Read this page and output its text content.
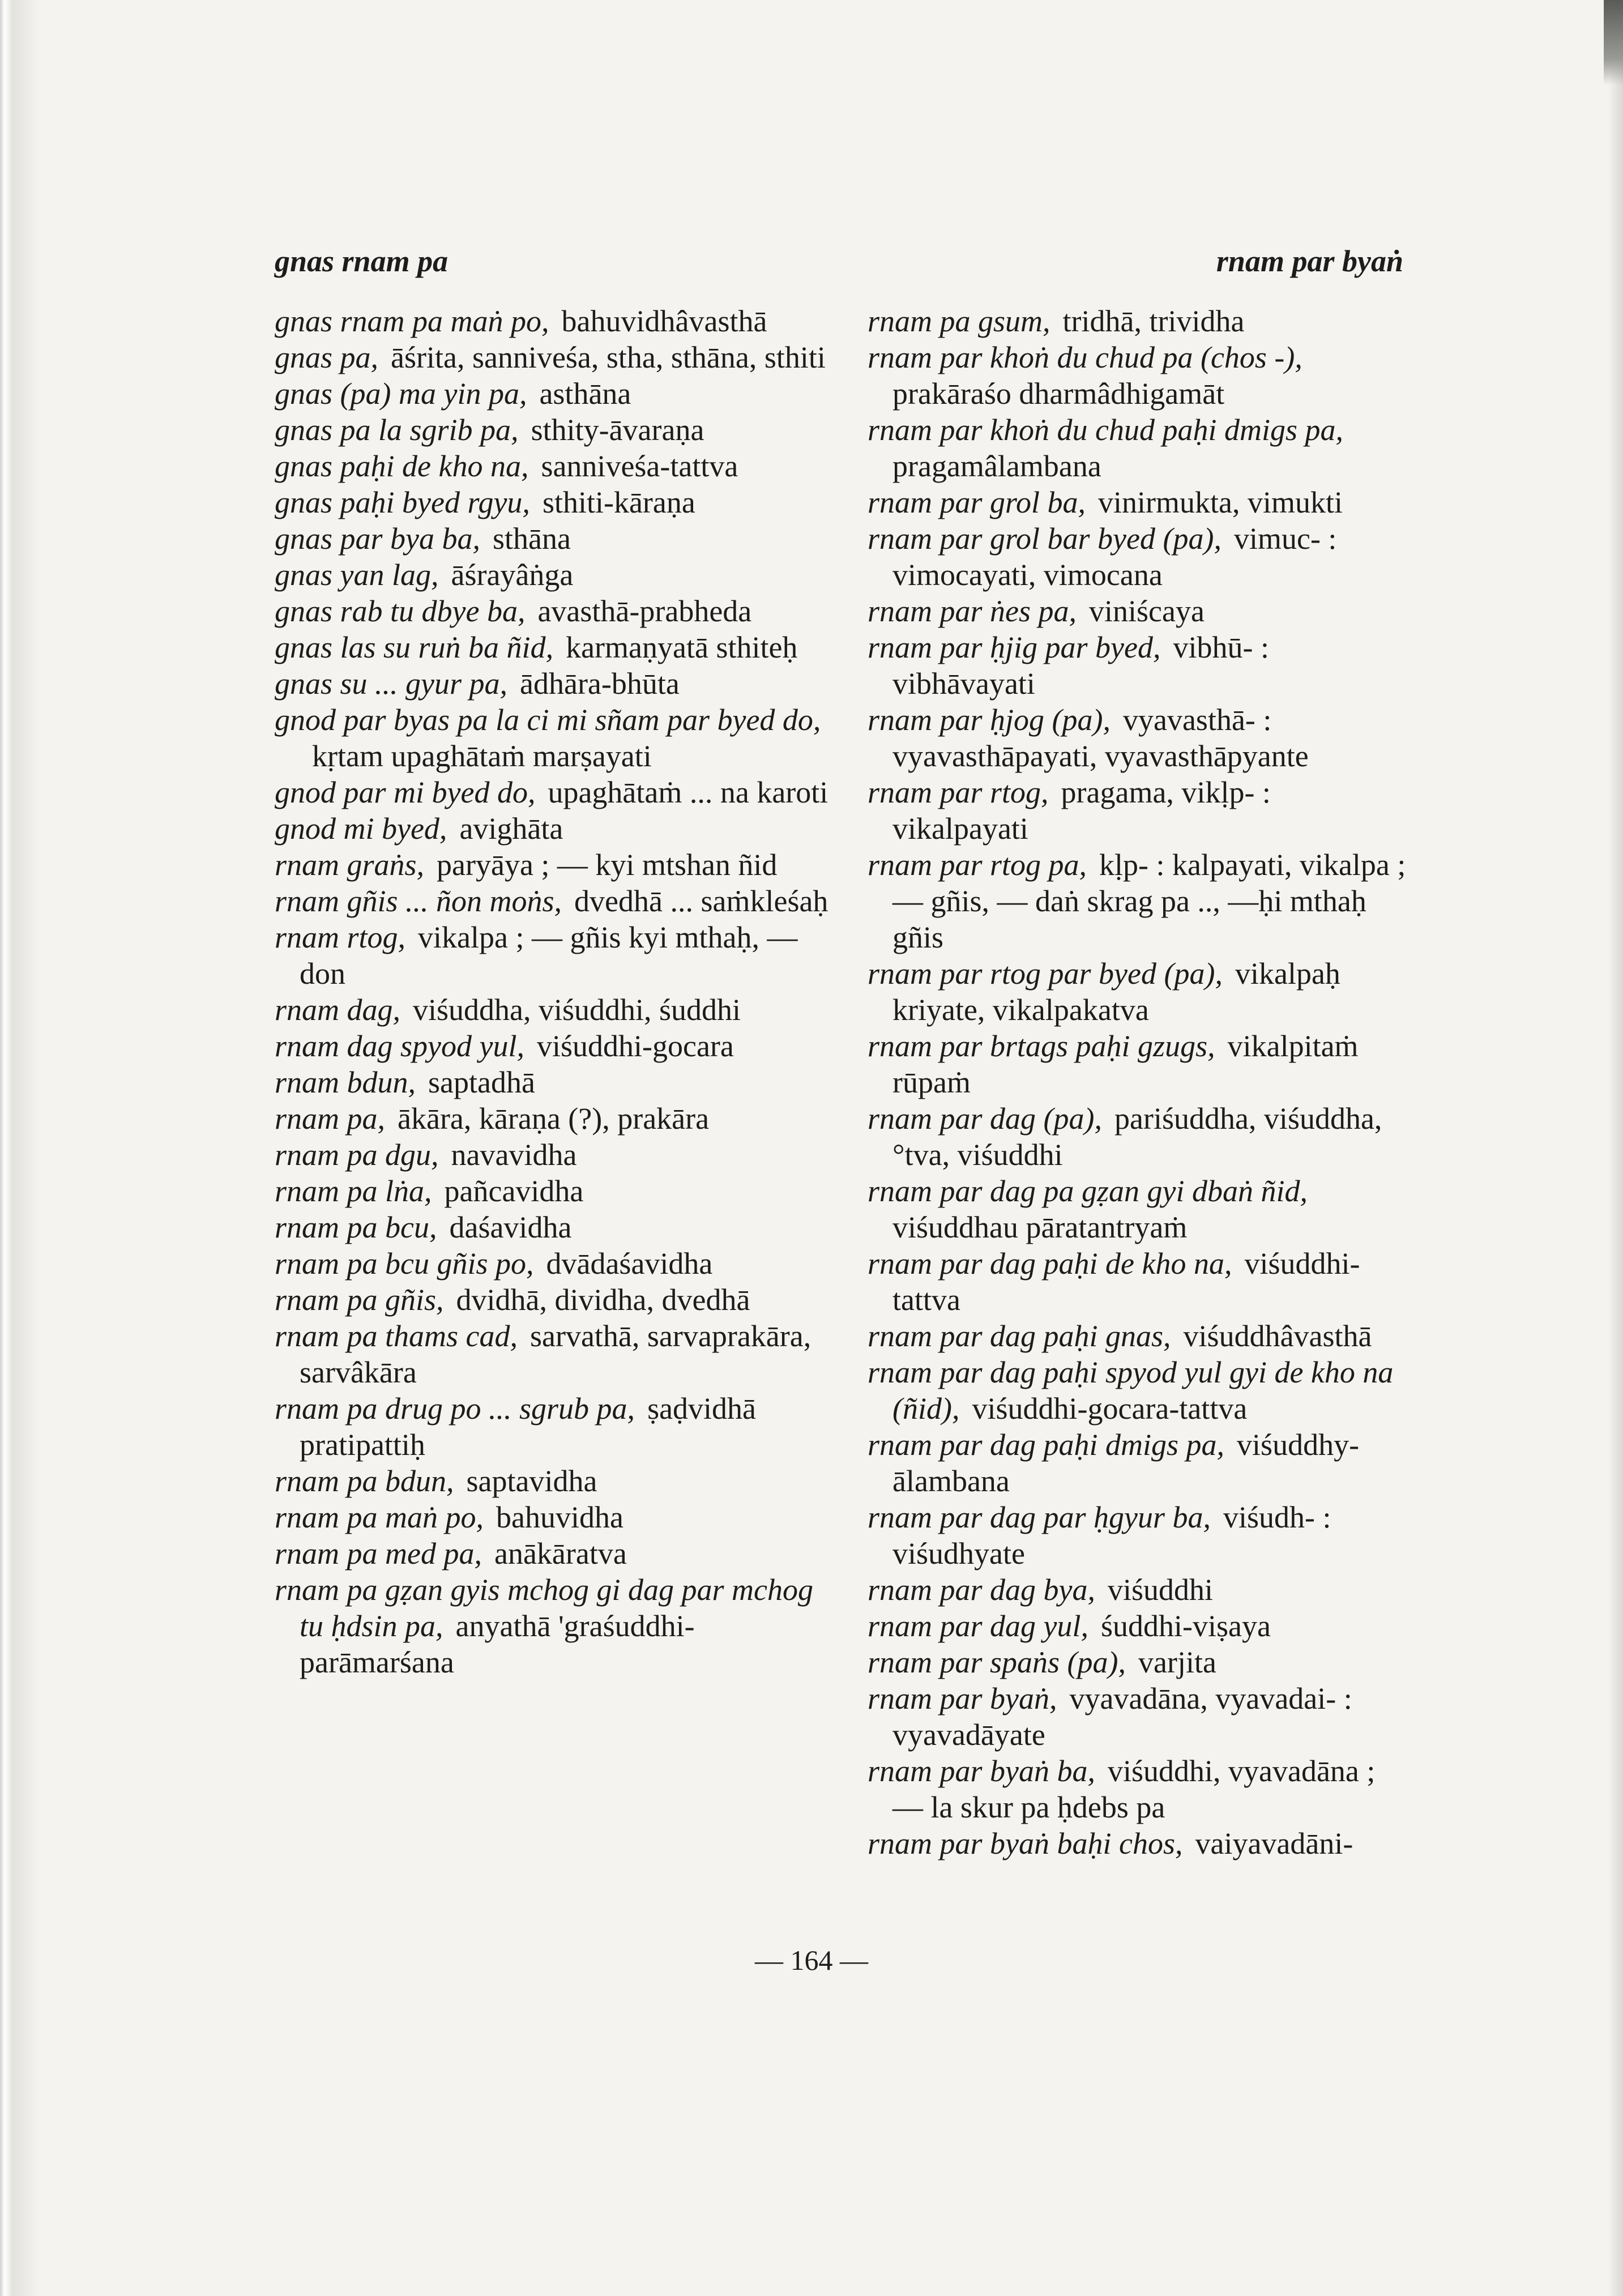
gnas rnam pa	rnam par byaṅ
gnas rnam pa maṅ po, bahuvidhâvasthā
gnas pa, āśrita, sanniveśa, stha, sthāna, sthiti
gnas (pa) ma yin pa, asthāna
gnas pa la sgrib pa, sthity-āvaraṇa
gnas paḥi de kho na, sanniveśa-tattva
gnas paḥi byed rgyu, sthiti-kāraṇa
gnas par bya ba, sthāna
gnas yan lag, āśrayâṅga
gnas rab tu dbye ba, avasthā-prabheda
gnas las su ruṅ ba ñid, karmaṇyatā sthiteḥ
gnas su ... gyur pa, ādhāra-bhūta
gnod par byas pa la ci mi sñam par byed do,kṛtam upaghātaṁ marṣayati
gnod par mi byed do, upaghātaṁ ... na karoti
gnod mi byed, avighāta
rnam graṅs, paryāya ; — kyi mtshan ñid
rnam gñis ... ñon moṅs, dvedhā ... saṁkleśaḥ
rnam rtog, vikalpa ; — gñis kyi mthaḥ, — don
rnam dag, viśuddha, viśuddhi, śuddhi
rnam dag spyod yul, viśuddhi-gocara
rnam bdun, saptadhā
rnam pa, ākāra, kāraṇa (?), prakāra
rnam pa dgu, navavidha
rnam pa lṅa, pañcavidha
rnam pa bcu, daśavidha
rnam pa bcu gñis po, dvādaśavidha
rnam pa gñis, dvidhā, dividha, dvedhā
rnam pa thams cad, sarvathā, sarvaprakāra, sarvâkāra
rnam pa drug po ... sgrub pa, ṣaḍvidhā pratipattiḥ
rnam pa bdun, saptavidha
rnam pa maṅ po, bahuvidha
rnam pa med pa, anākāratva
rnam pa gẓan gyis mchog gi dag par mchog tu ḥdsin pa, anyathā 'graśuddhi-parāmarśana
rnam pa gsum, tridhā, trividha
rnam par khoṅ du chud pa (chos -),prakāraśo dharmâdhigamāt
rnam par khoṅ du chud paḥi dmigs pa,pragamâlambana
rnam par grol ba, vinirmukta, vimukti
rnam par grol bar byed (pa), vimuc- : vimocayati, vimocana
rnam par ṅes pa, viniścaya
rnam par ḥjig par byed, vibhū- : vibhāvayati
rnam par ḥjog (pa), vyavasthā- : vyavasthāpayati, vyavasthāpyante
rnam par rtog, pragama, vikḷp- : vikalpayati
rnam par rtog pa, kḷp- : kalpayati, vikalpa ; — gñis, — daṅ skrag pa .., —ḥi mthaḥ gñis
rnam par rtog par byed (pa), vikalpaḥ kriyate, vikalpakatva
rnam par brtags paḥi gzugs, vikalpitaṁ rūpaṁ
rnam par dag (pa), pariśuddha, viśuddha, °tva, viśuddhi
rnam par dag pa gẓan gyi dbaṅ ñid,viśuddhau pāratantryaṁ
rnam par dag paḥi de kho na, viśuddhi-tattva
rnam par dag paḥi gnas, viśuddhâvasthā
rnam par dag paḥi spyod yul gyi de kho na (ñid), viśuddhi-gocara-tattva
rnam par dag paḥi dmigs pa, viśuddhy-ālambana
rnam par dag par ḥgyur ba, viśudh- : viśudhyate
rnam par dag bya, viśuddhi
rnam par dag yul, śuddhi-viṣaya
rnam par spaṅs (pa), varjita
rnam par byaṅ, vyavadāna, vyavadai- : vyavadāyate
rnam par byaṅ ba, viśuddhi, vyavadāna ; — la skur pa ḥdebs pa
rnam par byaṅ baḥi chos, vaiyavadāni-
— 164 —
